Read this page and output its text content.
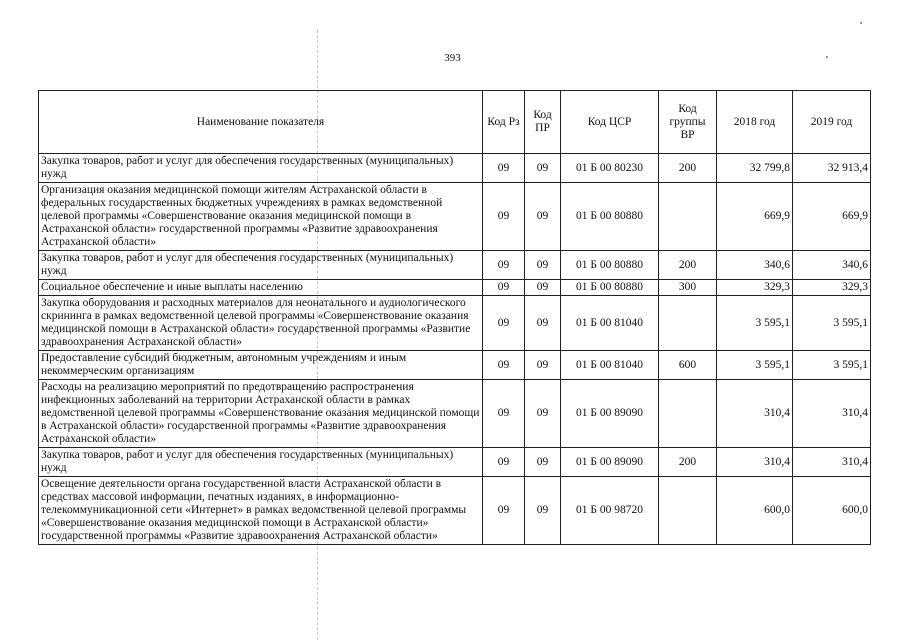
393
Наименование показателя	Код Рз	Код ПР	Код ЦСР	Код группы ВР	2018 год	2019 год
Закупка товаров, работ и услуг для обеспечения государственных (муниципальных) нужд	09	09	01 Б 00 80230	200	32 799,8	32 913,4
Организация оказания медицинской помощи жителям Астраханской области в федеральных государственных бюджетных учреждениях в рамках ведомственной целевой программы «Совершенствование оказания медицинской помощи в Астраханской области» государственной программы «Развитие здравоохранения Астраханской области»	09	09	01 Б 00 80880		669,9	669,9
Закупка товаров, работ и услуг для обеспечения государственных (муниципальных) нужд	09	09	01 Б 00 80880	200	340,6	340,6
Социальное обеспечение и иные выплаты населению	09	09	01 Б 00 80880	300	329,3	329,3
Закупка оборудования и расходных материалов для неонатального и аудиологического скрининга в рамках ведомственной целевой программы «Совершенствование оказания медицинской помощи в Астраханской области» государственной программы «Развитие здравоохранения Астраханской области»	09	09	01 Б 00 81040		3 595,1	3 595,1
Предоставление субсидий бюджетным, автономным учреждениям и иным некоммерческим организациям	09	09	01 Б 00 81040	600	3 595,1	3 595,1
Расходы на реализацию мероприятий по предотвращению распространения инфекционных заболеваний на территории Астраханской области в рамках ведомственной целевой программы «Совершенствование оказания медицинской помощи в Астраханской области» государственной программы «Развитие здравоохранения Астраханской области»	09	09	01 Б 00 89090		310,4	310,4
Закупка товаров, работ и услуг для обеспечения государственных (муниципальных) нужд	09	09	01 Б 00 89090	200	310,4	310,4
Освещение деятельности органа государственной власти Астраханской области в средствах массовой информации, печатных изданиях, в информационно-телекоммуникационной сети «Интернет» в рамках ведомственной целевой программы «Совершенствование оказания медицинской помощи в Астраханской области» государственной программы «Развитие здравоохранения Астраханской области»	09	09	01 Б 00 98720		600,0	600,0
